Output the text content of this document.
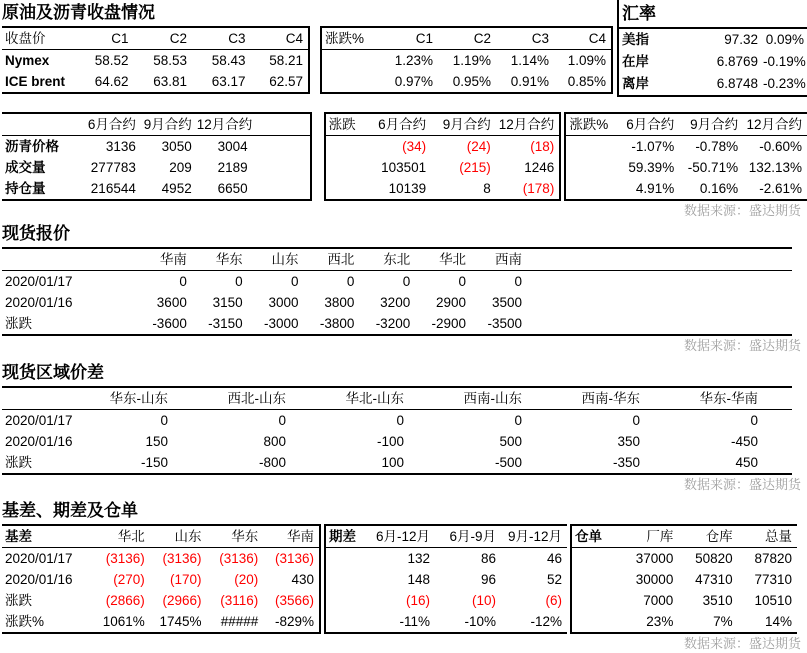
原油及沥青收盘情况
收盘价	C1	C2	C3	C4
Nymex	58.52	58.53	58.43	58.21
ICE brent	64.62	63.81	63.17	62.57
涨跌%	C1	C2	C3	C4
	1.23%	1.19%	1.14%	1.09%
	0.97%	0.95%	0.91%	0.85%
汇率
美指	97.32	0.09%
在岸	6.8769	-0.19%
离岸	6.8748	-0.23%
	6月合约	9月合约	12月合约	
沥青价格	3136	3050	3004	
成交量	277783	209	2189	
持仓量	216544	4952	6650	
涨跌	6月合约	9月合约	12月合约
	(34)	(24)	(18)
	103501	(215)	1246
	10139	8	(178)
涨跌%	6月合约	9月合约	12月合约
	-1.07%	-0.78%	-0.60%
	59.39%	-50.71%	132.13%
	4.91%	0.16%	-2.61%
数据来源：盛达期货
现货报价
	华南	华东	山东	西北	东北	华北	西南	
2020/01/17	0	0	0	0	0	0	0	
2020/01/16	3600	3150	3000	3800	3200	2900	3500	
涨跌	-3600	-3150	-3000	-3800	-3200	-2900	-3500	
数据来源：盛达期货
现货区域价差
	华东-山东	西北-山东	华北-山东	西南-山东	西南-华东	华东-华南	
2020/01/17	0	0	0	0	0	0	
2020/01/16	150	800	-100	500	350	-450	
涨跌	-150	-800	100	-500	-350	450	
数据来源：盛达期货
基差、期差及仓单
基差	华北	山东	华东	华南
2020/01/17	(3136)	(3136)	(3136)	(3136)
2020/01/16	(270)	(170)	(20)	430
涨跌	(2866)	(2966)	(3116)	(3566)
涨跌%	1061%	1745%	#####	-829%
期差	6月-12月	6月-9月	9月-12月
	132	86	46
	148	96	52
	(16)	(10)	(6)
	-11%	-10%	-12%
仓单	厂库	仓库	总量
	37000	50820	87820
	30000	47310	77310
	7000	3510	10510
	23%	7%	14%
数据来源：盛达期货
